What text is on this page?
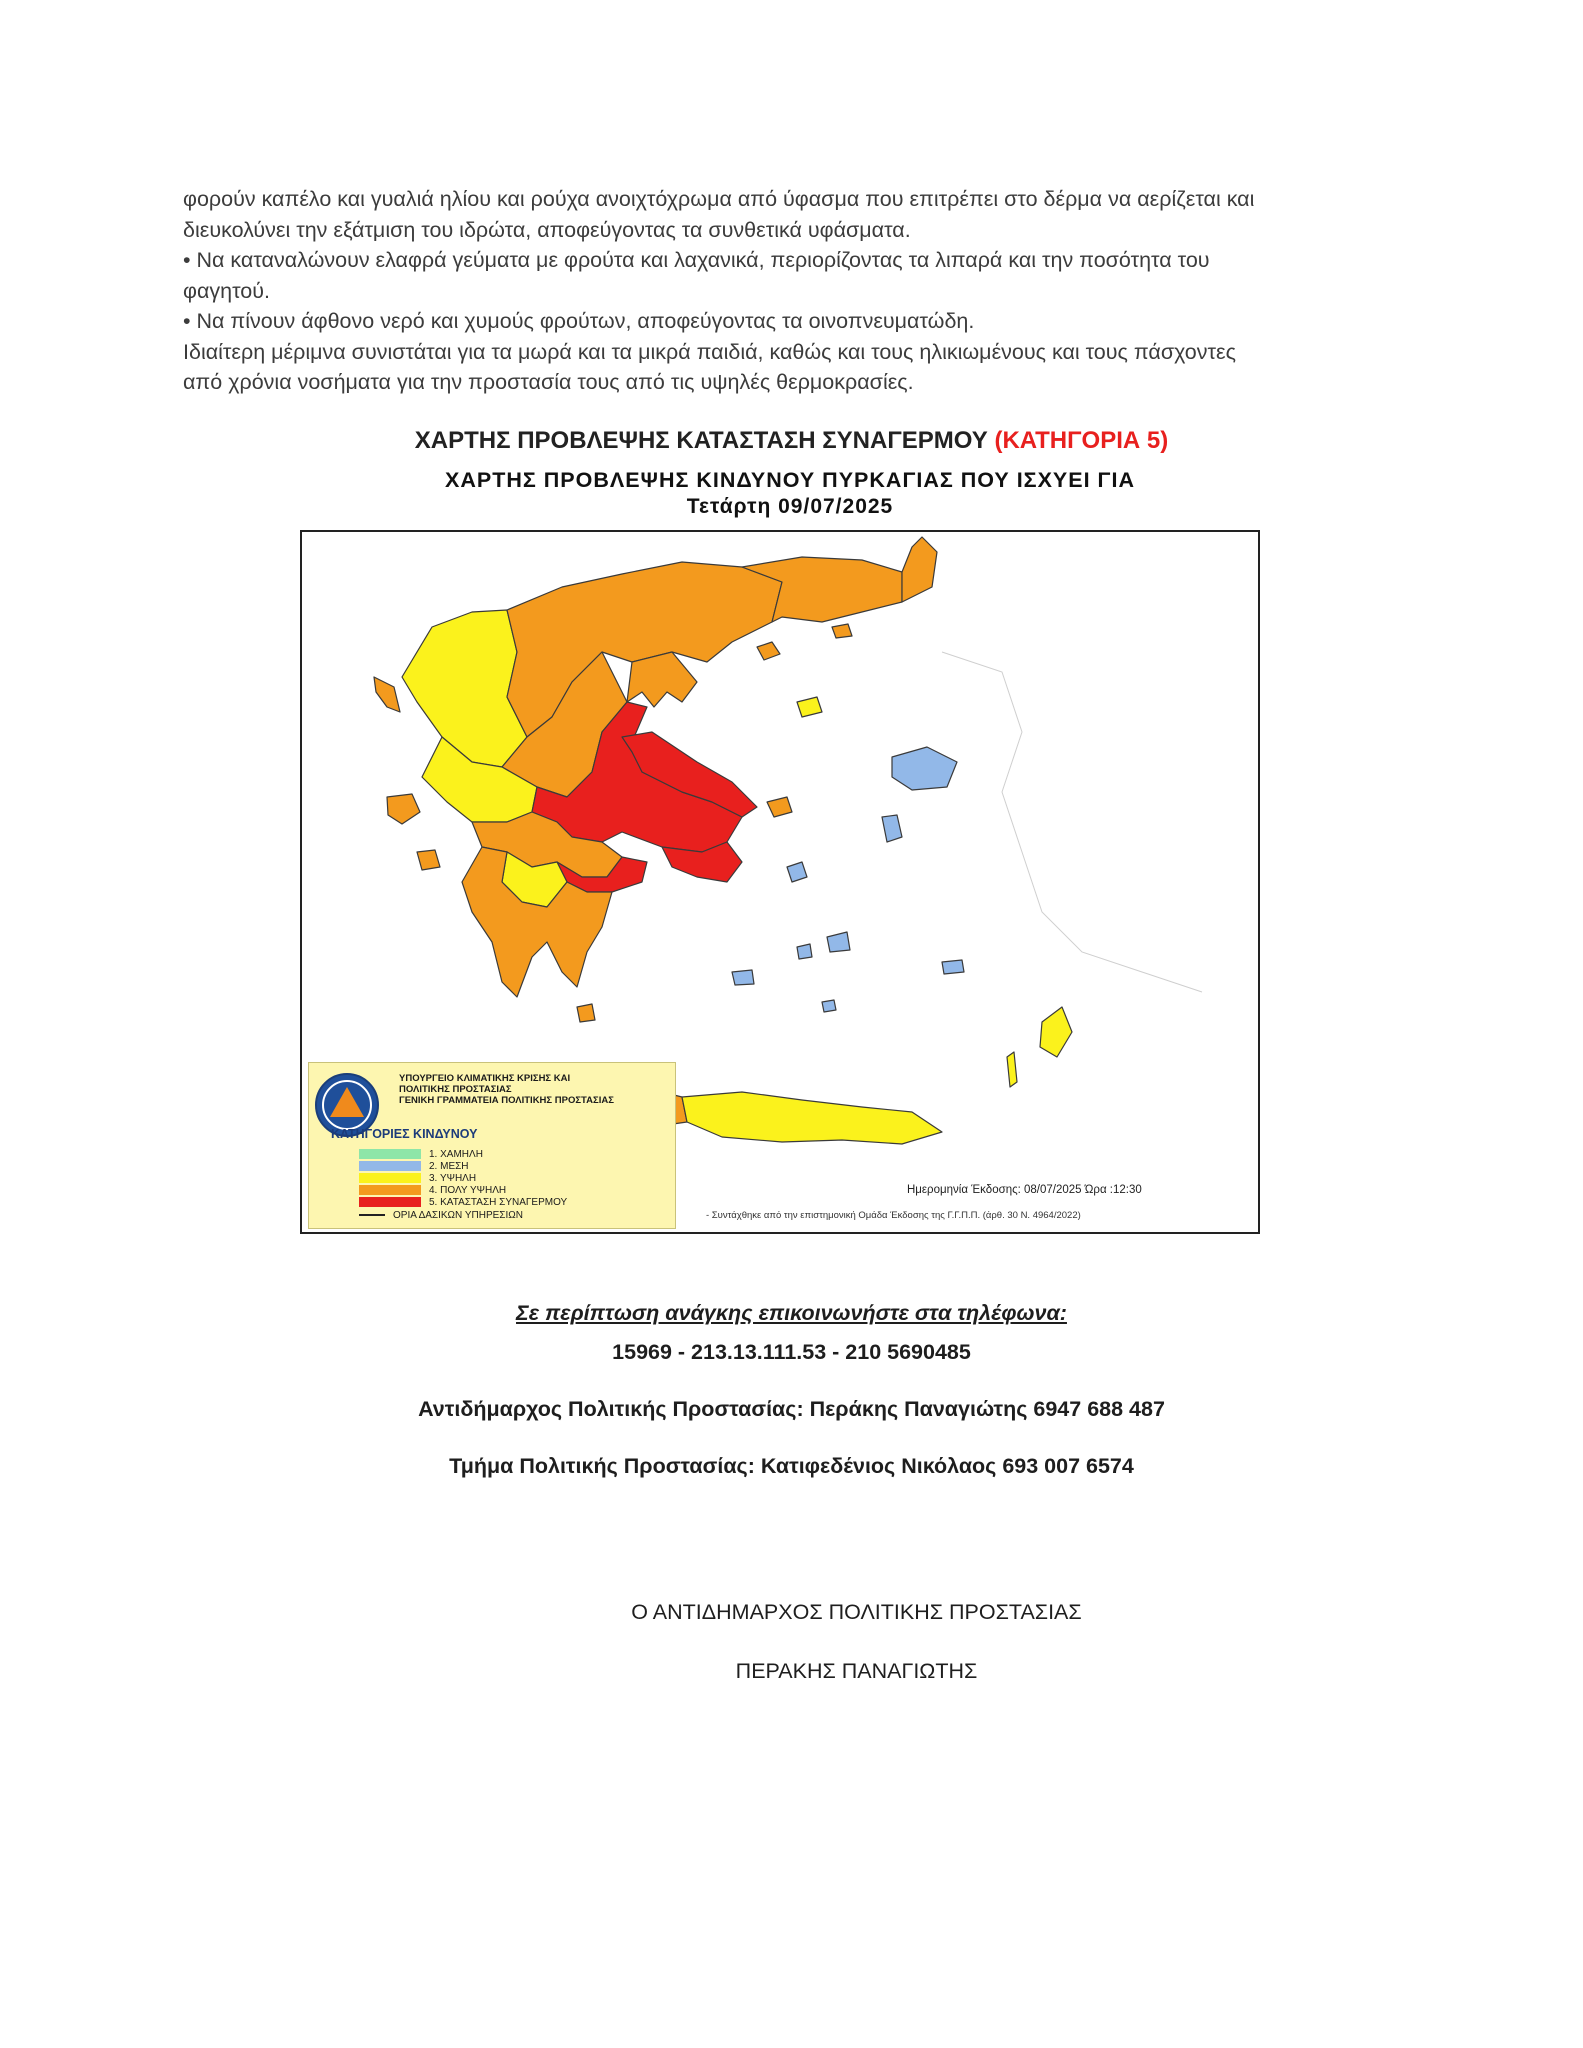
φορούν καπέλο και γυαλιά ηλίου και ρούχα ανοιχτόχρωμα από ύφασμα που επιτρέπει στο δέρμα να αερίζεται και

διευκολύνει την εξάτμιση του ιδρώτα, αποφεύγοντας τα συνθετικά υφάσματα.

• Να καταναλώνουν ελαφρά γεύματα με φρούτα και λαχανικά, περιορίζοντας τα λιπαρά και την ποσότητα του

φαγητού.

• Να πίνουν άφθονο νερό και χυμούς φρούτων, αποφεύγοντας τα οινοπνευματώδη.

Ιδιαίτερη μέριμνα συνιστάται για τα μωρά και τα μικρά παιδιά, καθώς και τους ηλικιωμένους και τους πάσχοντες

από χρόνια νοσήματα για την προστασία τους από τις υψηλές θερμοκρασίες.

ΧΑΡΤΗΣ ΠΡΟΒΛΕΨΗΣ ΚΑΤΑΣΤΑΣΗ ΣΥΝΑΓΕΡΜΟΥ (ΚΑΤΗΓΟΡΙΑ 5)
ΧΑΡΤΗΣ ΠΡΟΒΛΕΨΗΣ ΚΙΝΔΥΝΟΥ ΠΥΡΚΑΓΙΑΣ ΠΟΥ ΙΣΧΥΕΙ ΓΙΑ
Τετάρτη 09/07/2025
ΥΠΟΥΡΓΕΙΟ ΚΛΙΜΑΤΙΚΗΣ ΚΡΙΣΗΣ ΚΑΙ
ΠΟΛΙΤΙΚΗΣ ΠΡΟΣΤΑΣΙΑΣ
ΓΕΝΙΚΗ ΓΡΑΜΜΑΤΕΙΑ ΠΟΛΙΤΙΚΗΣ ΠΡΟΣΤΑΣΙΑΣ
ΚΑΤΗΓΟΡΙΕΣ ΚΙΝΔΥΝΟΥ
1. ΧΑΜΗΛΗ
2. ΜΕΣΗ
3. ΥΨΗΛΗ
4. ΠΟΛΥ ΥΨΗΛΗ
5. ΚΑΤΑΣΤΑΣΗ ΣΥΝΑΓΕΡΜΟΥ
ΟΡΙΑ ΔΑΣΙΚΩΝ ΥΠΗΡΕΣΙΩΝ
Ημερομηνία Έκδοσης: 08/07/2025 Ώρα :12:30
- Συντάχθηκε από την επιστημονική Ομάδα Έκδοσης της Γ.Γ.Π.Π. (άρθ. 30 Ν. 4964/2022)
Σε περίπτωση ανάγκης επικοινωνήστε στα τηλέφωνα:
15969 - 213.13.111.53 - 210 5690485
Αντιδήμαρχος Πολιτικής Προστασίας: Περάκης Παναγιώτης 6947 688 487
Τμήμα Πολιτικής Προστασίας: Κατιφεδένιος Νικόλαος 693 007 6574
Ο ΑΝΤΙΔΗΜΑΡΧΟΣ ΠΟΛΙΤΙΚΗΣ ΠΡΟΣΤΑΣΙΑΣ
ΠΕΡΑΚΗΣ ΠΑΝΑΓΙΩΤΗΣ
